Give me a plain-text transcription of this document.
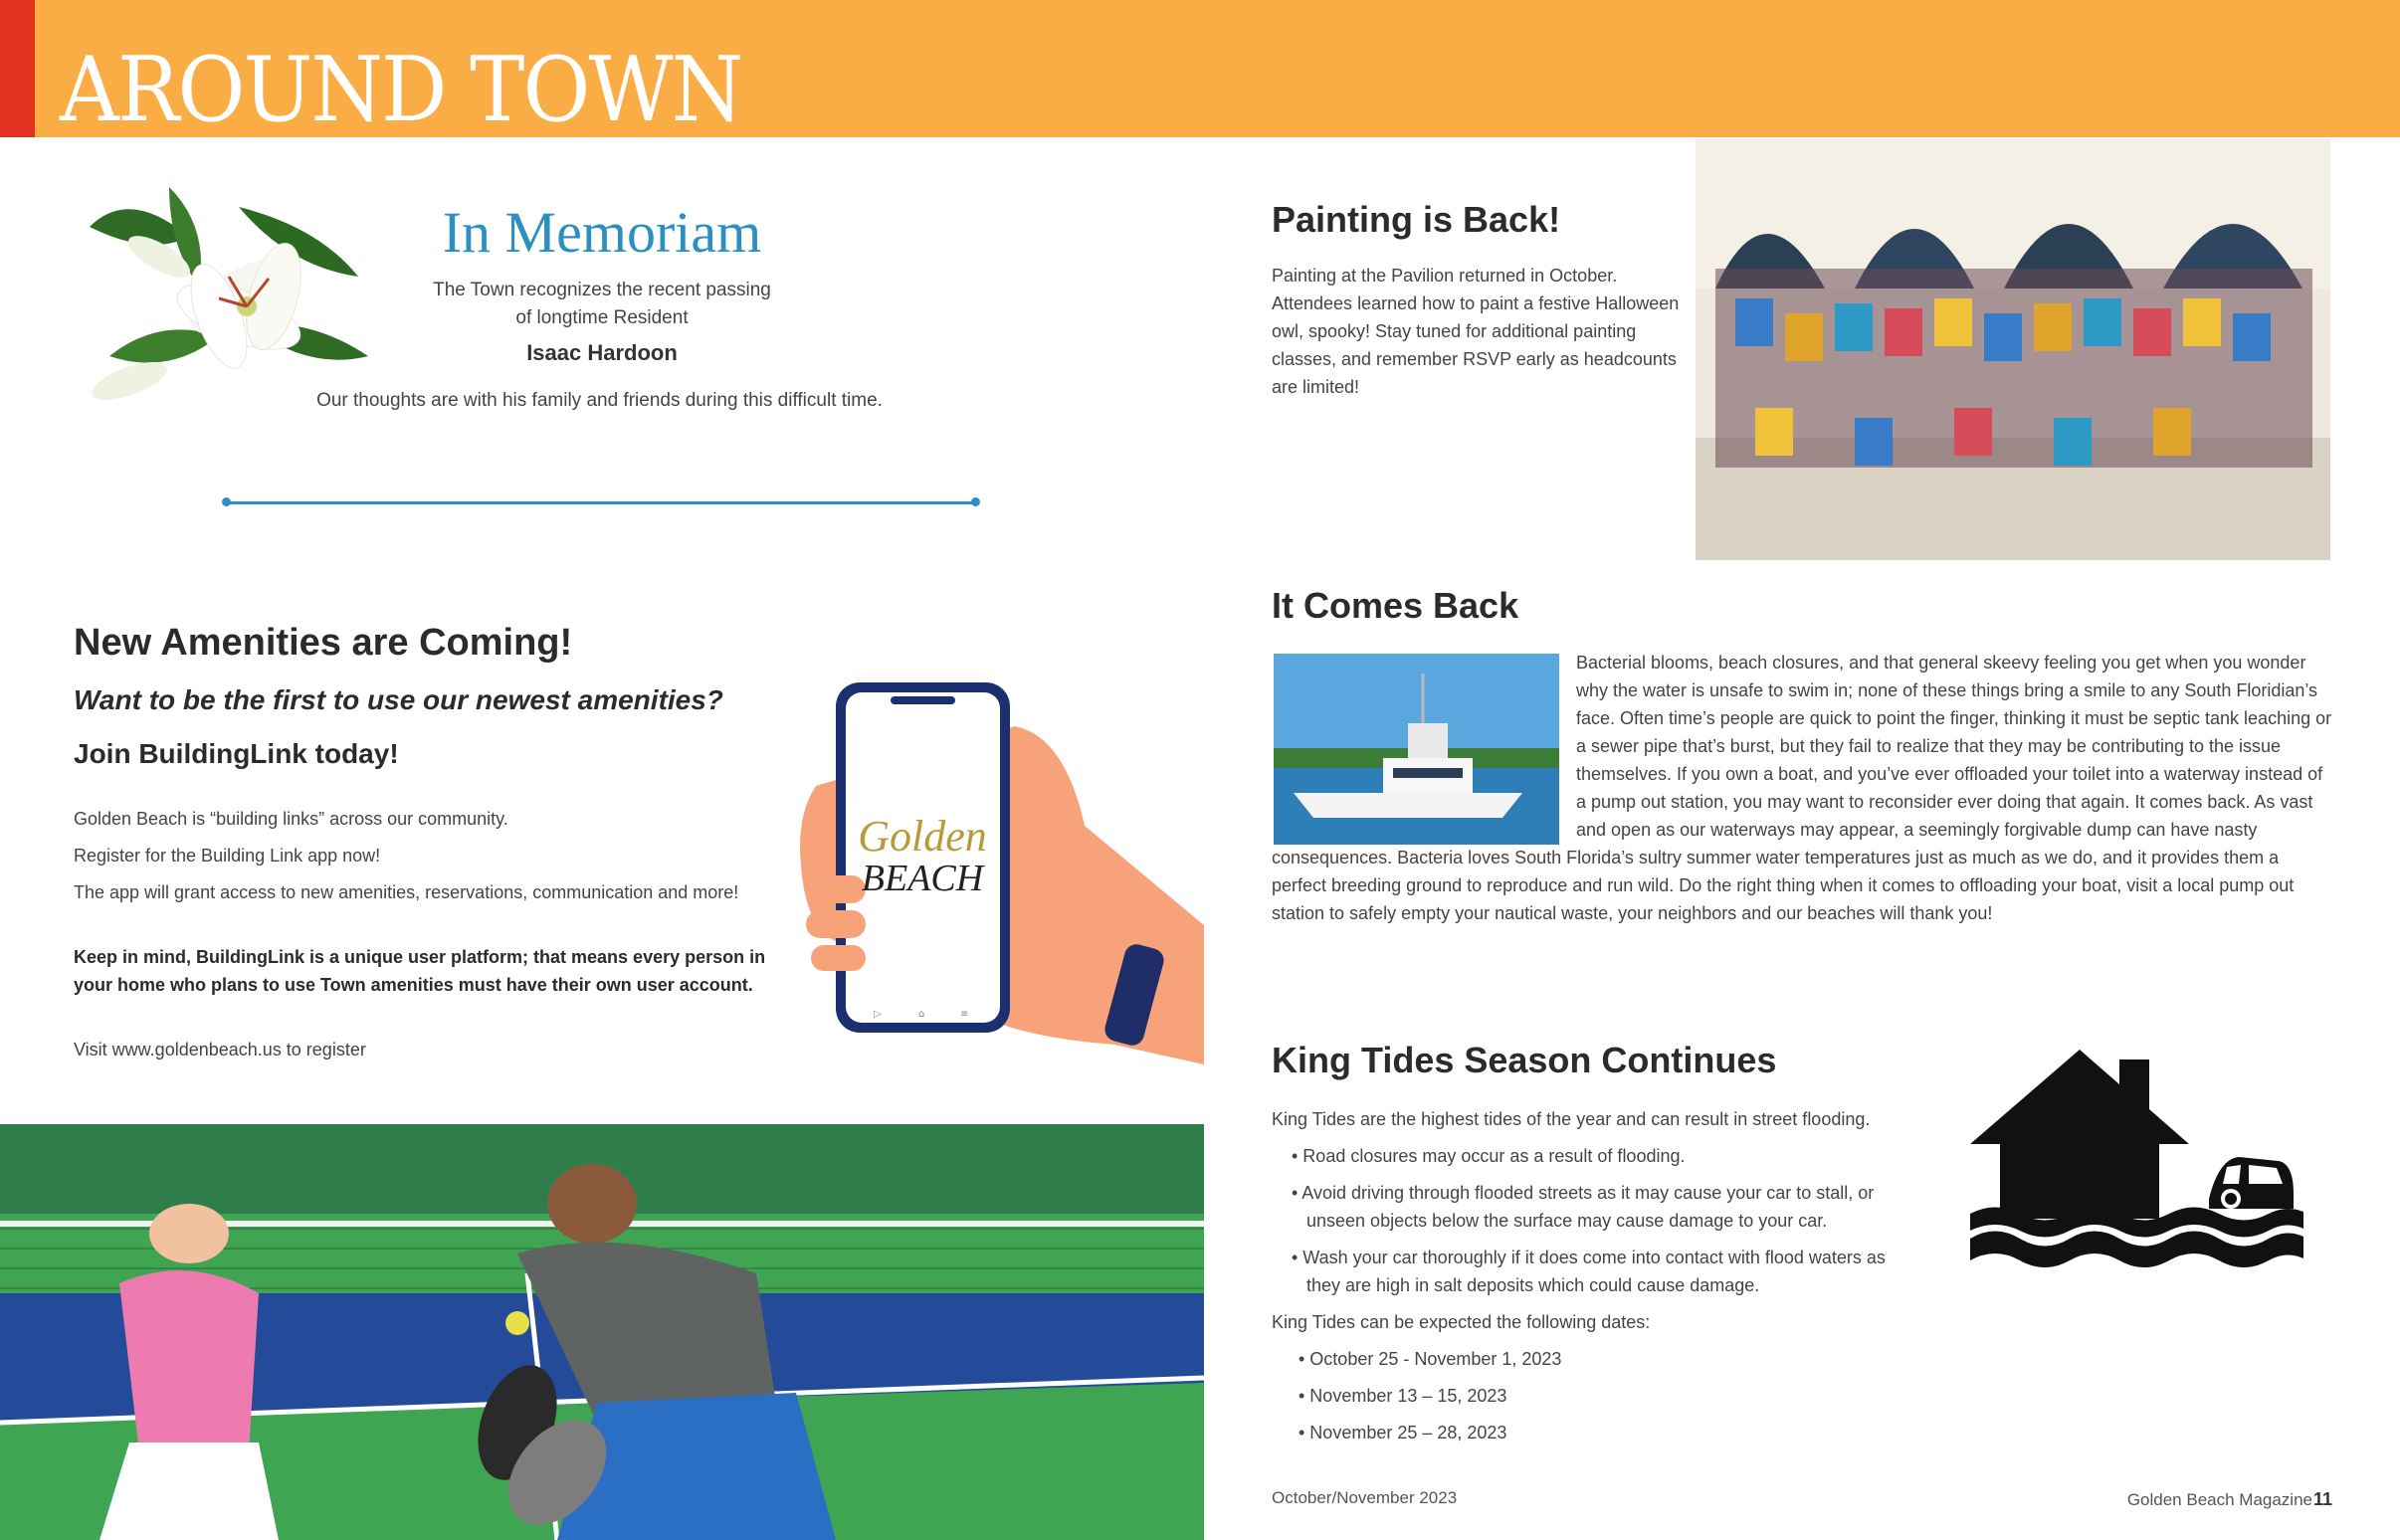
AROUND TOWN
In Memoriam
The Town recognizes the recent passing
of longtime Resident
Isaac Hardoon
Our thoughts are with his family and friends during this difficult time.
New Amenities are Coming!
Want to be the first to use our newest amenities?
Join BuildingLink today!
Golden Beach is “building links” across our community.
Register for the Building Link app now!
The app will grant access to new amenities, reservations, communication and more!
Keep in mind, BuildingLink is a unique user platform; that means every person in your home who plans to use Town amenities must have their own user account.
Visit www.goldenbeach.us to register
Golden
BEACH
▷	⌂	≡
Painting is Back!
Painting at the Pavilion returned in October. Attendees learned how to paint a festive Halloween owl, spooky! Stay tuned for additional painting classes, and remember RSVP early as headcounts are limited!
It Comes Back
Bacterial blooms, beach closures, and that general skeevy feeling you get when you wonder why the water is unsafe to swim in; none of these things bring a smile to any South Floridian’s face. Often time’s people are quick to point the finger, thinking it must be septic tank leaching or a sewer pipe that’s burst, but they fail to realize that they may be contributing to the issue themselves. If you own a boat, and you’ve ever offloaded your toilet into a waterway instead of a pump out station, you may want to reconsider ever doing that again. It comes back. As vast and open as our waterways may appear, a seemingly forgivable dump can have nasty consequences. Bacteria loves South Florida’s sultry summer water temperatures just as much as we do, and it provides them a perfect breeding ground to reproduce and run wild. Do the right thing when it comes to offloading your boat, visit a local pump out station to safely empty your nautical waste, your neighbors and our beaches will thank you!
King Tides Season Continues
King Tides are the highest tides of the year and can result in street flooding.
• Road closures may occur as a result of flooding.
• Avoid driving through flooded streets as it may cause your car to stall, or
unseen objects below the surface may cause damage to your car.
• Wash your car thoroughly if it does come into contact with flood waters as
they are high in salt deposits which could cause damage.
King Tides can be expected the following dates:
• October 25 - November 1, 2023
• November 13 – 15, 2023
• November 25 – 28, 2023
October/November 2023	Golden Beach Magazine 11
